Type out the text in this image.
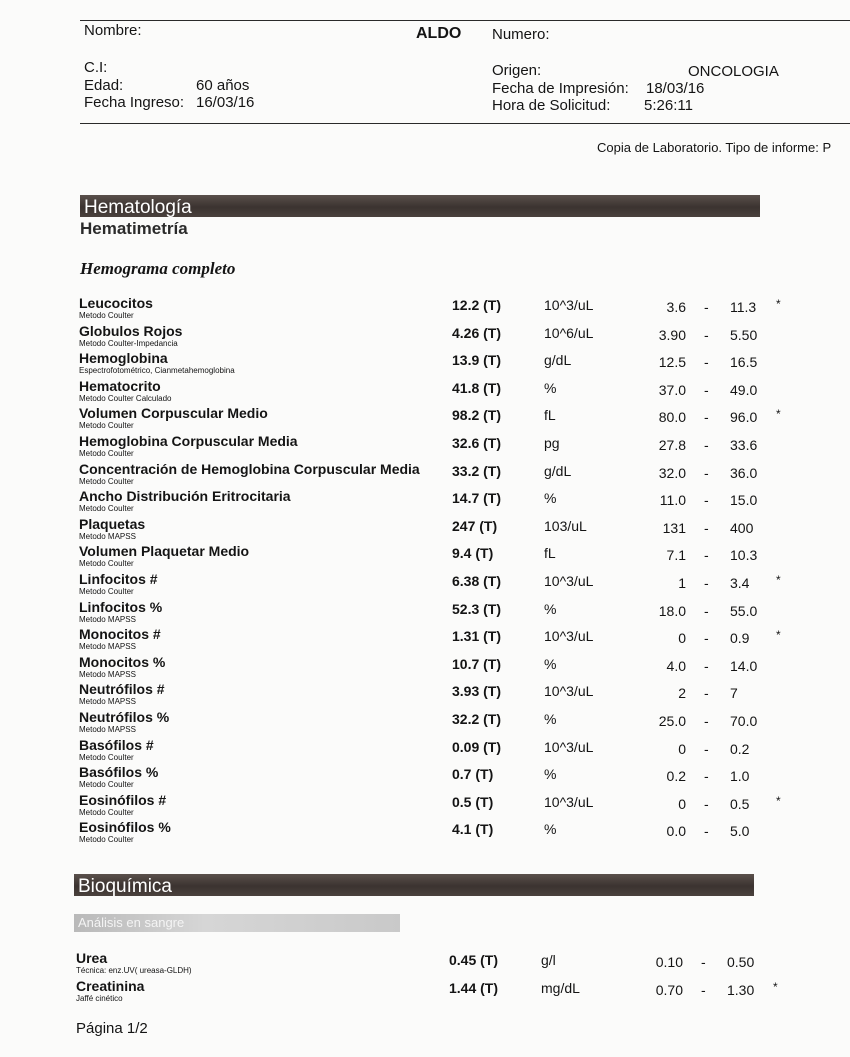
Nombre:	ALDO Numero:
C.I:
Edad:	60 años
Fecha Ingreso: 16/03/16
Origen:	ONCOLOGIA
Fecha de Impresión: 18/03/16
Hora de Solicitud: 5:26:11
Copia de Laboratorio. Tipo de informe: P
Hematología
Hematimetría
Hemograma completo
Leucocitos
Metodo Coulter
12.2 (T)	10^3/uL	3.6 - 11.3 *
Globulos Rojos
Metodo Coulter-Impedancia
4.26 (T)	10^6/uL	3.90 - 5.50
Hemoglobina
Espectrofotométrico, Cianmetahemoglobina
13.9 (T)	g/dL	12.5 - 16.5
Hematocrito
Metodo Coulter Calculado
41.8 (T)	%	37.0 - 49.0
Volumen Corpuscular Medio
Metodo Coulter
98.2 (T)	fL	80.0 - 96.0 *
Hemoglobina Corpuscular Media
Metodo Coulter
32.6 (T)	pg	27.8 - 33.6
Concentración de Hemoglobina Corpuscular Media
Metodo Coulter
33.2 (T)	g/dL	32.0 - 36.0
Ancho Distribución Eritrocitaria
Metodo Coulter
14.7 (T)	%	11.0 - 15.0
Plaquetas
Metodo MAPSS
247 (T)	103/uL	131 - 400
Volumen Plaquetar Medio
Metodo Coulter
9.4 (T)	fL	7.1 - 10.3
Linfocitos #
Metodo Coulter
6.38 (T)	10^3/uL	1 - 3.4 *
Linfocitos %
Metodo MAPSS
52.3 (T)	%	18.0 - 55.0
Monocitos #
Metodo MAPSS
1.31 (T)	10^3/uL	0 - 0.9 *
Monocitos %
Metodo MAPSS
10.7 (T)	%	4.0 - 14.0
Neutrófilos #
Metodo MAPSS
3.93 (T)	10^3/uL	2 - 7
Neutrófilos %
Metodo MAPSS
32.2 (T)	%	25.0 - 70.0
Basófilos #
Metodo Coulter
0.09 (T)	10^3/uL	0 - 0.2
Basófilos %
Metodo Coulter
0.7 (T)	%	0.2 - 1.0
Eosinófilos #
Metodo Coulter
0.5 (T)	10^3/uL	0 - 0.5 *
Eosinófilos %
Metodo Coulter
4.1 (T)	%	0.0 - 5.0
Bioquímica
Análisis en sangre
Urea
Técnica: enz.UV( ureasa-GLDH)
0.45 (T)	g/l	0.10 - 0.50
Creatinina
Jaffé cinético
1.44 (T)	mg/dL	0.70 - 1.30 *
Página 1/2
